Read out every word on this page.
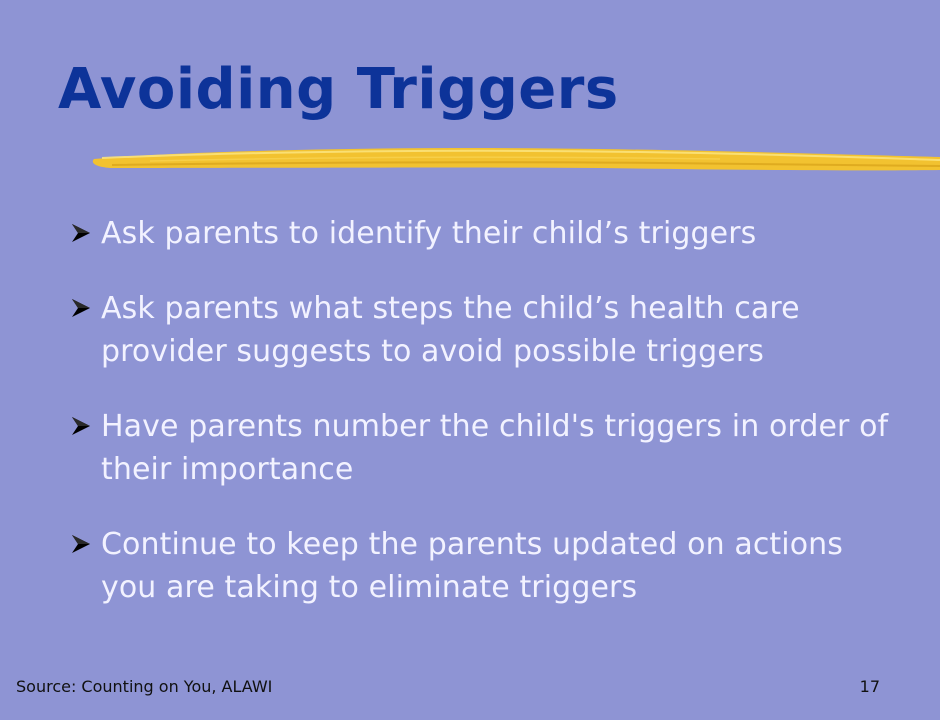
Avoiding Triggers
Ask parents to identify their child’s triggers
Ask parents what steps the child’s health care provider suggests to avoid possible triggers
Have parents number the child's triggers in order of their importance
Continue to keep the parents updated on actions you are taking to eliminate triggers
Source: Counting on You, ALAWI	17
